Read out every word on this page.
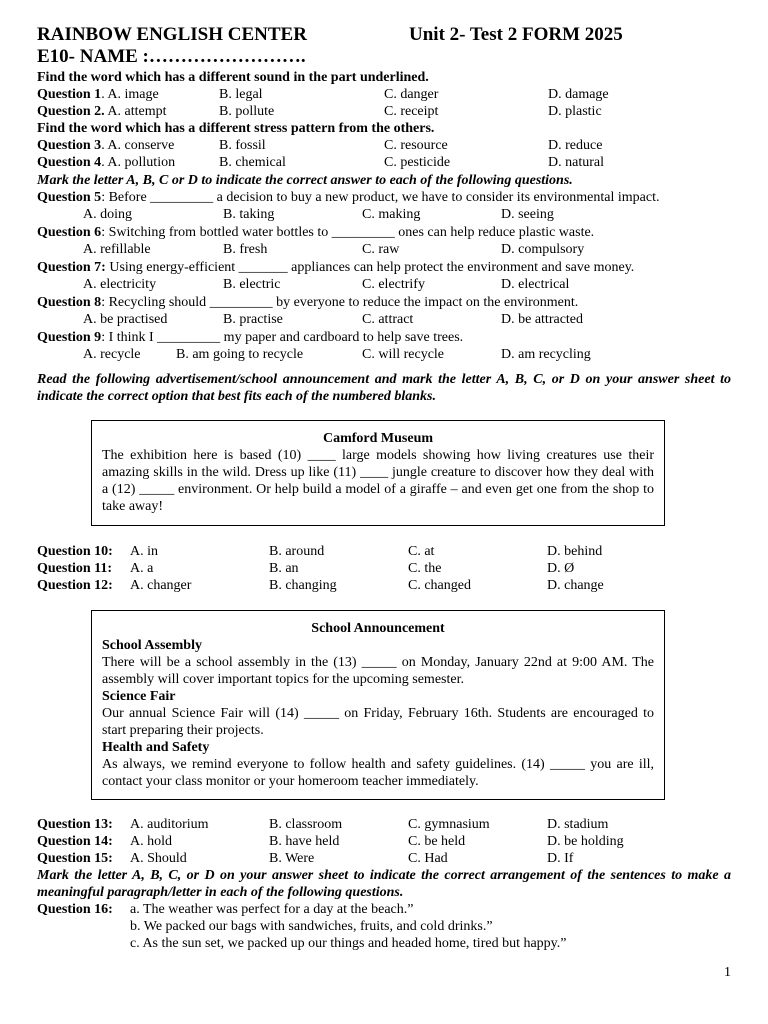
RAINBOW ENGLISH CENTER	Unit 2- Test 2 FORM 2025
E10- NAME :…………………….
Find the word which has a different sound in the part underlined.
Question 1. A. image	B. legal	C. danger	D. damage
Question 2. A. attempt	B. pollute	C. receipt	D. plastic
Find the word which has a different stress pattern from the others.
Question 3. A. conserve	B. fossil	C. resource	D. reduce
Question 4. A. pollution	B. chemical	C. pesticide	D. natural
Mark the letter A, B, C or D to indicate the correct answer to each of the following questions.
Question 5: Before _________ a decision to buy a new product, we have to consider its environmental impact.
A. doing	B. taking	C. making	D. seeing
Question 6: Switching from bottled water bottles to _________ ones can help reduce plastic waste.
A. refillable	B. fresh	C. raw	D. compulsory
Question 7: Using energy-efficient _______ appliances can help protect the environment and save money.
A. electricity	B. electric	C. electrify	D. electrical
Question 8: Recycling should _________ by everyone to reduce the impact on the environment.
A. be practised	B. practise	C. attract	D. be attracted
Question 9: I think I _________ my paper and cardboard to help save trees.
A. recycle	B. am going to recycle	C. will recycle	D. am recycling
Read the following advertisement/school announcement and mark the letter A, B, C, or D on your answer sheet to indicate the correct option that best fits each of the numbered blanks.
Camford Museum
The exhibition here is based (10) ____ large models showing how living creatures use their amazing skills in the wild. Dress up like (11) ____ jungle creature to discover how they deal with a (12) _____ environment. Or help build a model of a giraffe – and even get one from the shop to take away!
Question 10: A. in	B. around	C. at	D. behind
Question 11: A. a	B. an	C. the	D. Ø
Question 12: A. changer	B. changing	C. changed	D. change
School Announcement
School Assembly
There will be a school assembly in the (13) _____ on Monday, January 22nd at 9:00 AM. The assembly will cover important topics for the upcoming semester.
Science Fair
Our annual Science Fair will (14) _____ on Friday, February 16th. Students are encouraged to start preparing their projects.
Health and Safety
As always, we remind everyone to follow health and safety guidelines. (14) _____ you are ill, contact your class monitor or your homeroom teacher immediately.
Question 13: A. auditorium	B. classroom	C. gymnasium	D. stadium
Question 14: A. hold	B. have held	C. be held	D. be holding
Question 15: A. Should	B. Were	C. Had	D. If
Mark the letter A, B, C, or D on your answer sheet to indicate the correct arrangement of the sentences to make a meaningful paragraph/letter in each of the following questions.
Question 16: a. The weather was perfect for a day at the beach.”
b. We packed our bags with sandwiches, fruits, and cold drinks.”
c. As the sun set, we packed up our things and headed home, tired but happy.”
1
